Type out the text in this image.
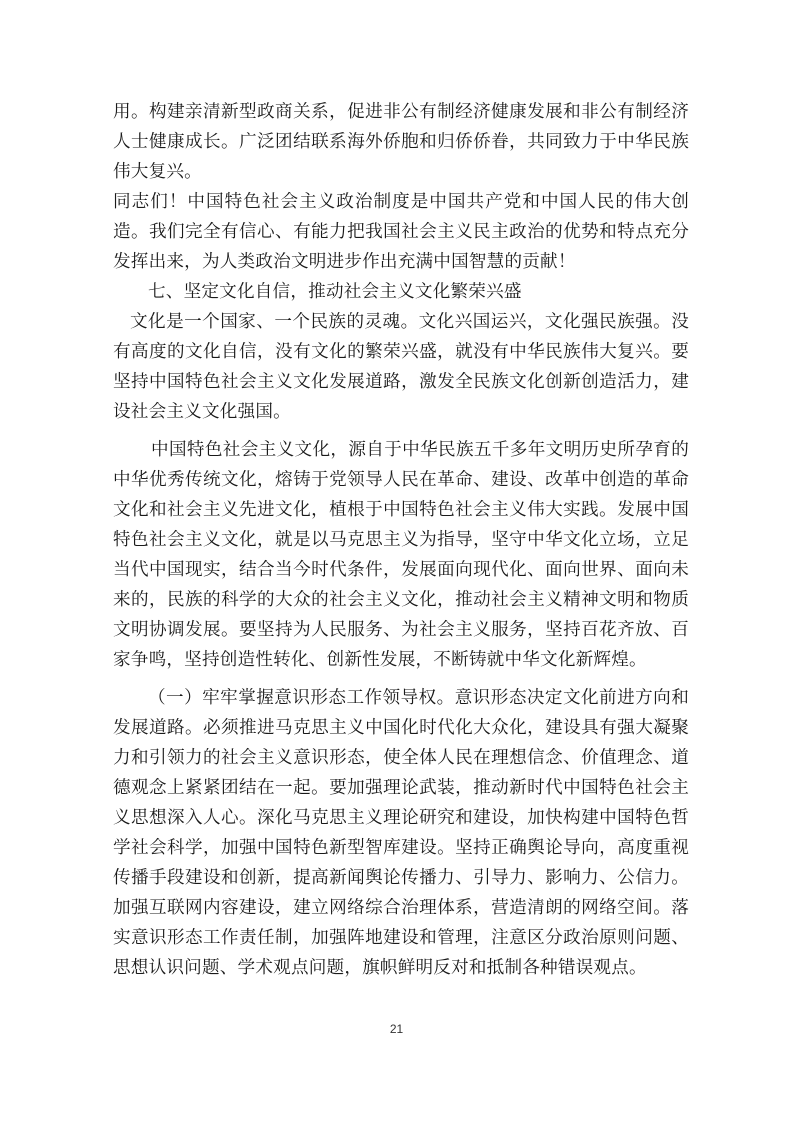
用。构建亲清新型政商关系，促进非公有制经济健康发展和非公有制经济人士健康成长。广泛团结联系海外侨胞和归侨侨眷，共同致力于中华民族伟大复兴。

同志们！中国特色社会主义政治制度是中国共产党和中国人民的伟大创造。我们完全有信心、有能力把我国社会主义民主政治的优势和特点充分发挥出来，为人类政治文明进步作出充满中国智慧的贡献！

七、坚定文化自信，推动社会主义文化繁荣兴盛

文化是一个国家、一个民族的灵魂。文化兴国运兴，文化强民族强。没有高度的文化自信，没有文化的繁荣兴盛，就没有中华民族伟大复兴。要坚持中国特色社会主义文化发展道路，激发全民族文化创新创造活力，建设社会主义文化强国。

中国特色社会主义文化，源自于中华民族五千多年文明历史所孕育的中华优秀传统文化，熔铸于党领导人民在革命、建设、改革中创造的革命文化和社会主义先进文化，植根于中国特色社会主义伟大实践。发展中国特色社会主义文化，就是以马克思主义为指导，坚守中华文化立场，立足当代中国现实，结合当今时代条件，发展面向现代化、面向世界、面向未来的，民族的科学的大众的社会主义文化，推动社会主义精神文明和物质文明协调发展。要坚持为人民服务、为社会主义服务，坚持百花齐放、百家争鸣，坚持创造性转化、创新性发展，不断铸就中华文化新辉煌。

（一）牢牢掌握意识形态工作领导权。意识形态决定文化前进方向和发展道路。必须推进马克思主义中国化时代化大众化，建设具有强大凝聚力和引领力的社会主义意识形态，使全体人民在理想信念、价值理念、道德观念上紧紧团结在一起。要加强理论武装，推动新时代中国特色社会主义思想深入人心。深化马克思主义理论研究和建设，加快构建中国特色哲学社会科学，加强中国特色新型智库建设。坚持正确舆论导向，高度重视传播手段建设和创新，提高新闻舆论传播力、引导力、影响力、公信力。加强互联网内容建设，建立网络综合治理体系，营造清朗的网络空间。落实意识形态工作责任制，加强阵地建设和管理，注意区分政治原则问题、思想认识问题、学术观点问题，旗帜鲜明反对和抵制各种错误观点。

21
